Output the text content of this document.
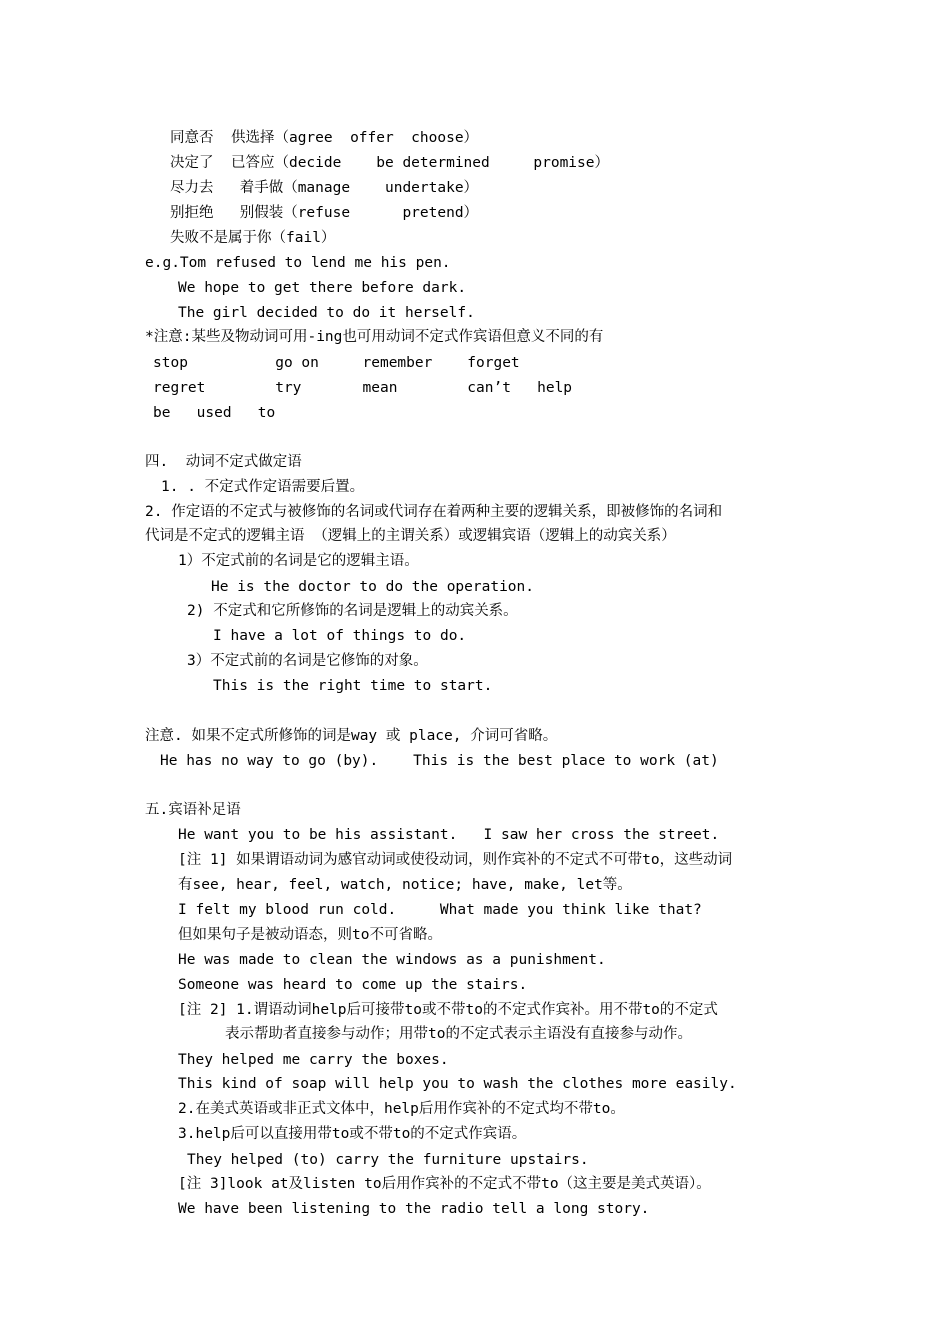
同意否  供选择（agree  offer  choose）
决定了  已答应（decide    be determined     promise）
尽力去   着手做（manage    undertake）
别拒绝   别假装（refuse      pretend）
失败不是属于你（fail）
e.g.Tom refused to lend me his pen.
We hope to get there before dark.
The girl decided to do it herself.
*注意:某些及物动词可用-ing也可用动词不定式作宾语但意义不同的有
stop          go on     remember    forget
regret        try       mean        can’t   help
be   used   to
四.  动词不定式做定语
1. . 不定式作定语需要后置。
2. 作定语的不定式与被修饰的名词或代词存在着两种主要的逻辑关系，即被修饰的名词和
代词是不定式的逻辑主语 （逻辑上的主谓关系）或逻辑宾语（逻辑上的动宾关系）
1）不定式前的名词是它的逻辑主语。
He is the doctor to do the operation.
2) 不定式和它所修饰的名词是逻辑上的动宾关系。
I have a lot of things to do.
3）不定式前的名词是它修饰的对象。
This is the right time to start.
注意. 如果不定式所修饰的词是way 或 place, 介词可省略。
He has no way to go (by).    This is the best place to work (at)
五.宾语补足语
He want you to be his assistant.   I saw her cross the street.
[注 1] 如果谓语动词为感官动词或使役动词，则作宾补的不定式不可带to，这些动词
有see, hear, feel, watch, notice; have, make, let等。
I felt my blood run cold.     What made you think like that?
但如果句子是被动语态，则to不可省略。
He was made to clean the windows as a punishment.
Someone was heard to come up the stairs.
[注 2] 1.谓语动词help后可接带to或不带to的不定式作宾补。用不带to的不定式
表示帮助者直接参与动作；用带to的不定式表示主语没有直接参与动作。
They helped me carry the boxes.
This kind of soap will help you to wash the clothes more easily.
2.在美式英语或非正式文体中，help后用作宾补的不定式均不带to。
3.help后可以直接用带to或不带to的不定式作宾语。
They helped (to) carry the furniture upstairs.
[注 3]look at及listen to后用作宾补的不定式不带to（这主要是美式英语）。
We have been listening to the radio tell a long story.
